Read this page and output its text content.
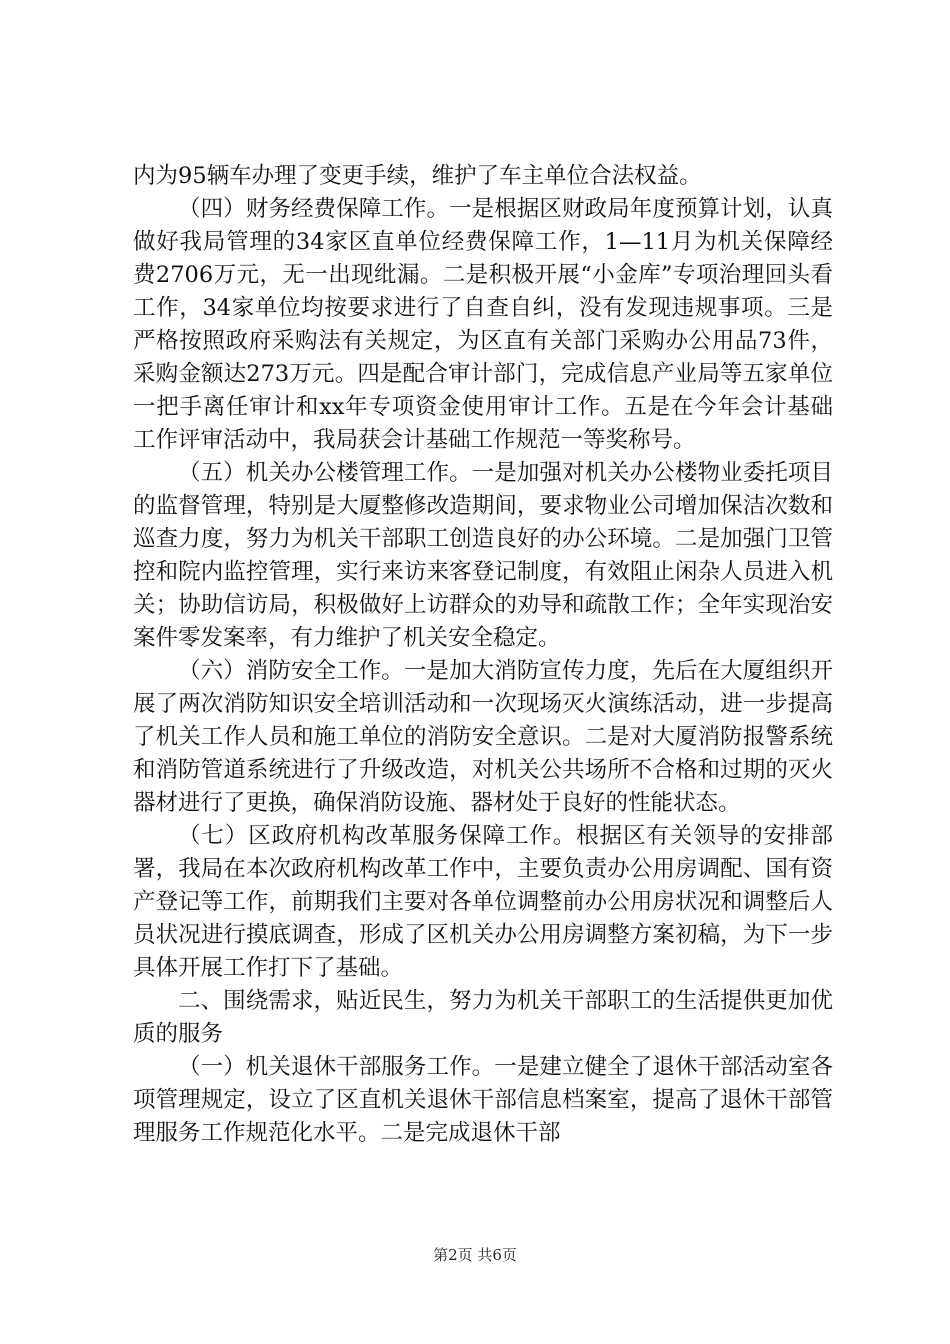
内为95辆车办理了变更手续，维护了车主单位合法权益。

（四）财务经费保障工作。一是根据区财政局年度预算计划，认真做好我局管理的34家区直单位经费保障工作，1—11月为机关保障经费2706万元，无一出现纰漏。二是积极开展“小金库”专项治理回头看工作，34家单位均按要求进行了自查自纠，没有发现违规事项。三是严格按照政府采购法有关规定，为区直有关部门采购办公用品73件，采购金额达273万元。四是配合审计部门，完成信息产业局等五家单位一把手离任审计和xx年专项资金使用审计工作。五是在今年会计基础工作评审活动中，我局获会计基础工作规范一等奖称号。

（五）机关办公楼管理工作。一是加强对机关办公楼物业委托项目的监督管理，特别是大厦整修改造期间，要求物业公司增加保洁次数和巡查力度，努力为机关干部职工创造良好的办公环境。二是加强门卫管控和院内监控管理，实行来访来客登记制度，有效阻止闲杂人员进入机关；协助信访局，积极做好上访群众的劝导和疏散工作；全年实现治安案件零发案率，有力维护了机关安全稳定。

（六）消防安全工作。一是加大消防宣传力度，先后在大厦组织开展了两次消防知识安全培训活动和一次现场灭火演练活动，进一步提高了机关工作人员和施工单位的消防安全意识。二是对大厦消防报警系统和消防管道系统进行了升级改造，对机关公共场所不合格和过期的灭火器材进行了更换，确保消防设施、器材处于良好的性能状态。

（七）区政府机构改革服务保障工作。根据区有关领导的安排部署，我局在本次政府机构改革工作中，主要负责办公用房调配、国有资产登记等工作，前期我们主要对各单位调整前办公用房状况和调整后人员状况进行摸底调查，形成了区机关办公用房调整方案初稿，为下一步具体开展工作打下了基础。

二、围绕需求，贴近民生，努力为机关干部职工的生活提供更加优质的服务

（一）机关退休干部服务工作。一是建立健全了退休干部活动室各项管理规定，设立了区直机关退休干部信息档案室，提高了退休干部管理服务工作规范化水平。二是完成退休干部

第2页 共6页
